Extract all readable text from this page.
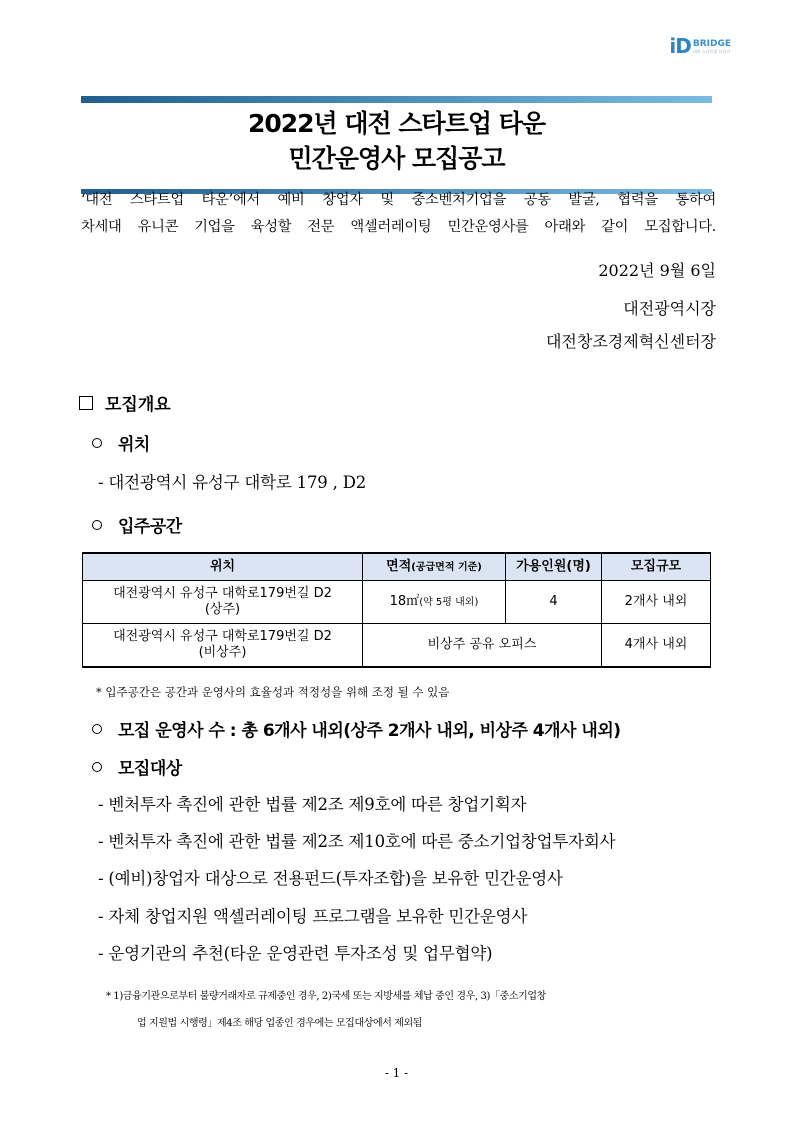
iD BRIDGE
대전 스타트업 브리지
2022년 대전 스타트업 타운
민간운영사 모집공고
‘대전 스타트업 타운’에서 예비 창업자 및 중소벤처기업을 공동 발굴, 협력을 통하여
차세대 유니콘 기업을 육성할 전문 액셀러레이팅 민간운영사를 아래와 같이 모집합니다.
2022년 9월 6일
대전광역시장
대전창조경제혁신센터장
모집개요
위치
- 대전광역시 유성구 대학로 179 , D2
입주공간
위치	면적(공급면적 기준)	가용인원(명)	모집규모

대전광역시 유성구 대학로179번길 D2
(상주)	18㎡(약 5평 내외)	4	2개사 내외

대전광역시 유성구 대학로179번길 D2
(비상주)	비상주 공유 오피스		4개사 내외
* 입주공간은 공간과 운영사의 효율성과 적정성을 위해 조정 될 수 있음
모집 운영사 수 : 총 6개사 내외(상주 2개사 내외, 비상주 4개사 내외)
모집대상
- 벤처투자 촉진에 관한 법률 제2조 제9호에 따른 창업기획자
- 벤처투자 촉진에 관한 법률 제2조 제10호에 따른 중소기업창업투자회사
- (예비)창업자 대상으로 전용펀드(투자조합)을 보유한 민간운영사
- 자체 창업지원 액셀러레이팅 프로그램을 보유한 민간운영사
- 운영기관의 추천(타운 운영관련 투자조성 및 업무협약)
* 1)금융기관으로부터 불량거래자로 규제중인 경우, 2)국세 또는 지방세를 체납 중인 경우, 3)「중소기업창
업 지원법 시행령」제4조 해당 업종인 경우에는 모집대상에서 제외됨
- 1 -
